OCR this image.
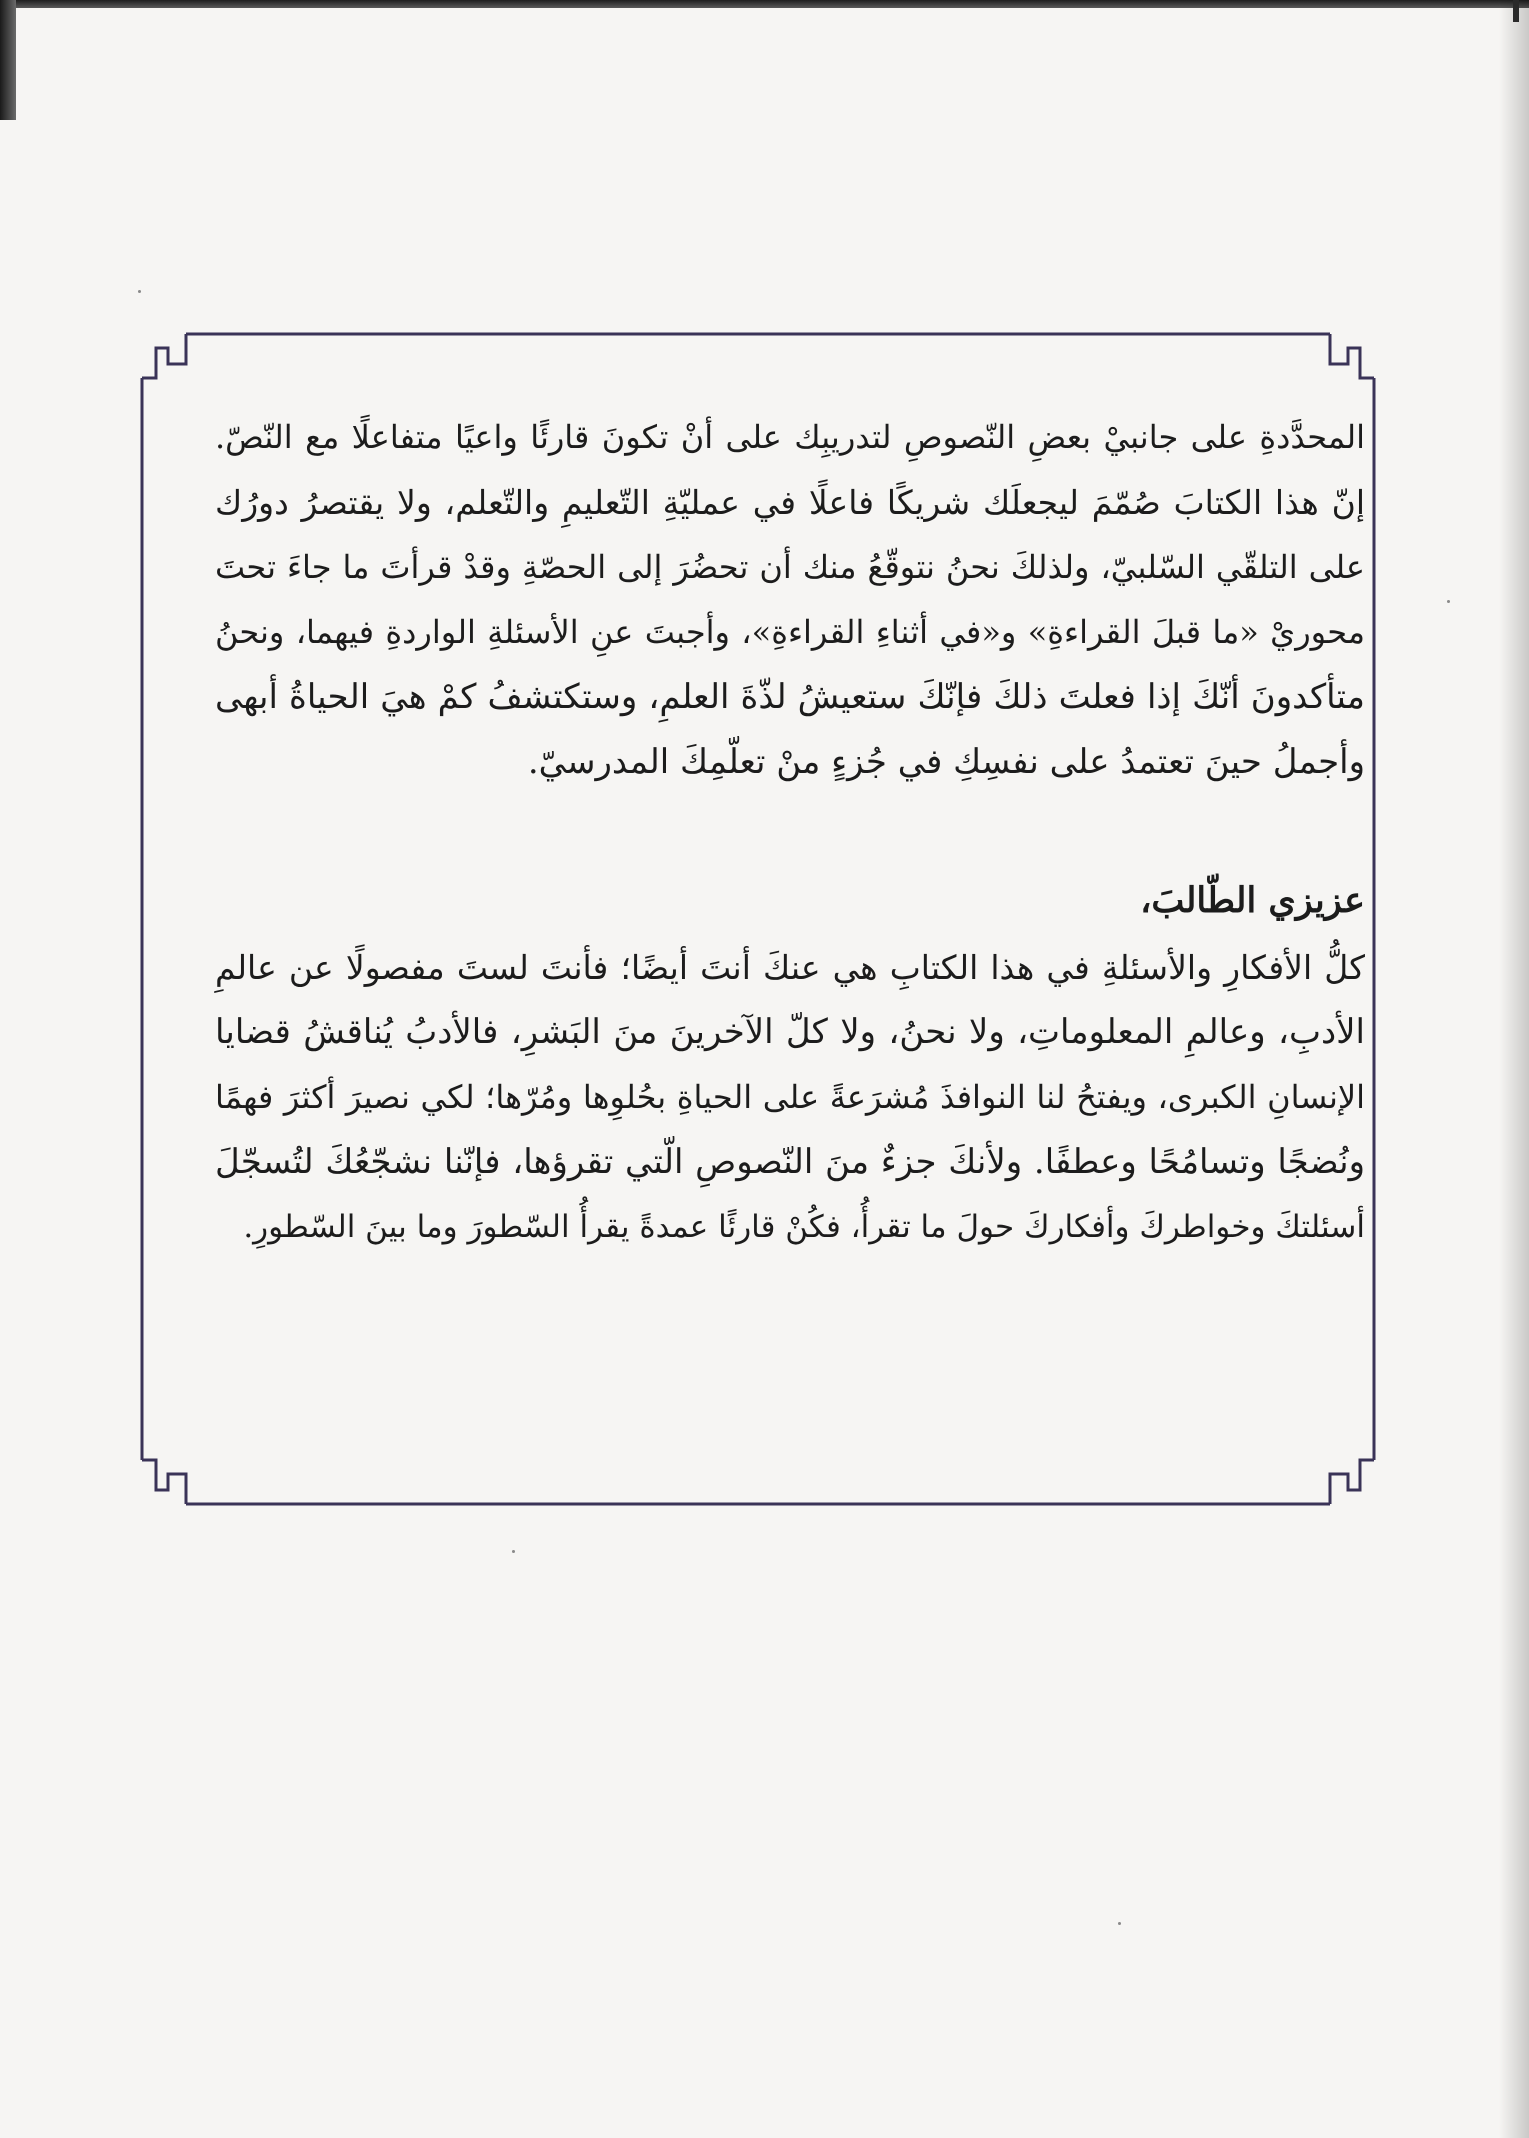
المحدَّدةِ على جانبيْ بعضِ النّصوصِ لتدريبِك على أنْ تكونَ قارئًا واعيًا متفاعلًا مع النّصّ.
إنّ هذا الكتابَ صُمّمَ ليجعلَك شريكًا فاعلًا في عمليّةِ التّعليمِ والتّعلم، ولا يقتصرُ دورُك
على التلقّي السّلبيّ، ولذلكَ نحنُ نتوقّعُ منك أن تحضُرَ إلى الحصّةِ وقدْ قرأتَ ما جاءَ تحتَ
محوريْ «ما قبلَ القراءةِ» و«في أثناءِ القراءةِ»، وأجبتَ عنِ الأسئلةِ الواردةِ فيهما، ونحنُ
متأكدونَ أنّكَ إذا فعلتَ ذلكَ فإنّكَ ستعيشُ لذّةَ العلمِ، وستكتشفُ كمْ هيَ الحياةُ أبهى
وأجملُ حينَ تعتمدُ على نفسِكِ في جُزءٍ منْ تعلّمِكَ المدرسيّ.
عزيزي الطّالبَ،
كلُّ الأفكارِ والأسئلةِ في هذا الكتابِ هي عنكَ أنتَ أيضًا؛ فأنتَ لستَ مفصولًا عن عالمِ
الأدبِ، وعالمِ المعلوماتِ، ولا نحنُ، ولا كلّ الآخرينَ منَ البَشرِ، فالأدبُ يُناقشُ قضايا
الإنسانِ الكبرى، ويفتحُ لنا النوافذَ مُشرَعةً على الحياةِ بحُلوِها ومُرّها؛ لكي نصيرَ أكثرَ فهمًا
ونُضجًا وتسامُحًا وعطفًا. ولأنكَ جزءٌ منَ النّصوصِ الّتي تقرؤها، فإنّنا نشجّعُكَ لتُسجّلَ
أسئلتكَ وخواطركَ وأفكاركَ حولَ ما تقرأُ، فكُنْ قارئًا عمدةً يقرأُ السّطورَ وما بينَ السّطورِ.
